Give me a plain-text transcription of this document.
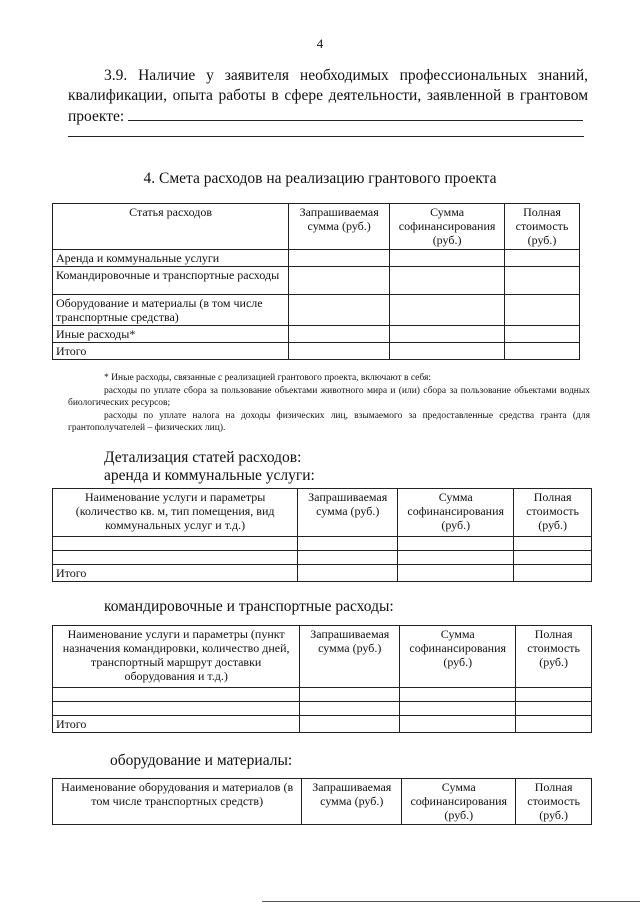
4
3.9. Наличие у заявителя необходимых профессиональных знаний,
квалификации, опыта работы в сфере деятельности, заявленной в грантовом
проекте:
4. Смета расходов на реализацию грантового проекта
Статья расходов	Запрашиваемая сумма (руб.)	Сумма софинансирования (руб.)	Полная стоимость (руб.)
Аренда и коммунальные услуги			
Командировочные и транспортные расходы			
Оборудование и материалы (в том числе транспортные средства)			
Иные расходы*			
Итого			

* Иные расходы, связанные с реализацией грантового проекта, включают в себя:

расходы по уплате сбора за пользование объектами животного мира и (или) сбора за пользование объектами водных биологических ресурсов;

расходы по уплате налога на доходы физических лиц, взымаемого за предоставленные средства гранта (для грантополучателей – физических лиц).

Детализация статей расходов:
аренда и коммунальные услуги:
Наименование услуги и параметры (количество кв. м, тип помещения, вид коммунальных услуг и т.д.)	Запрашиваемая сумма (руб.)	Сумма софинансирования (руб.)	Полная стоимость (руб.)

Итого			
командировочные и транспортные расходы:
Наименование услуги и параметры (пункт назначения командировки, количество дней, транспортный маршрут доставки оборудования и т.д.)	Запрашиваемая сумма (руб.)	Сумма софинансирования (руб.)	Полная стоимость (руб.)

Итого			
оборудование и материалы:
Наименование оборудования и материалов (в том числе транспортных средств)	Запрашиваемая сумма (руб.)	Сумма софинансирования (руб.)	Полная стоимость (руб.)
